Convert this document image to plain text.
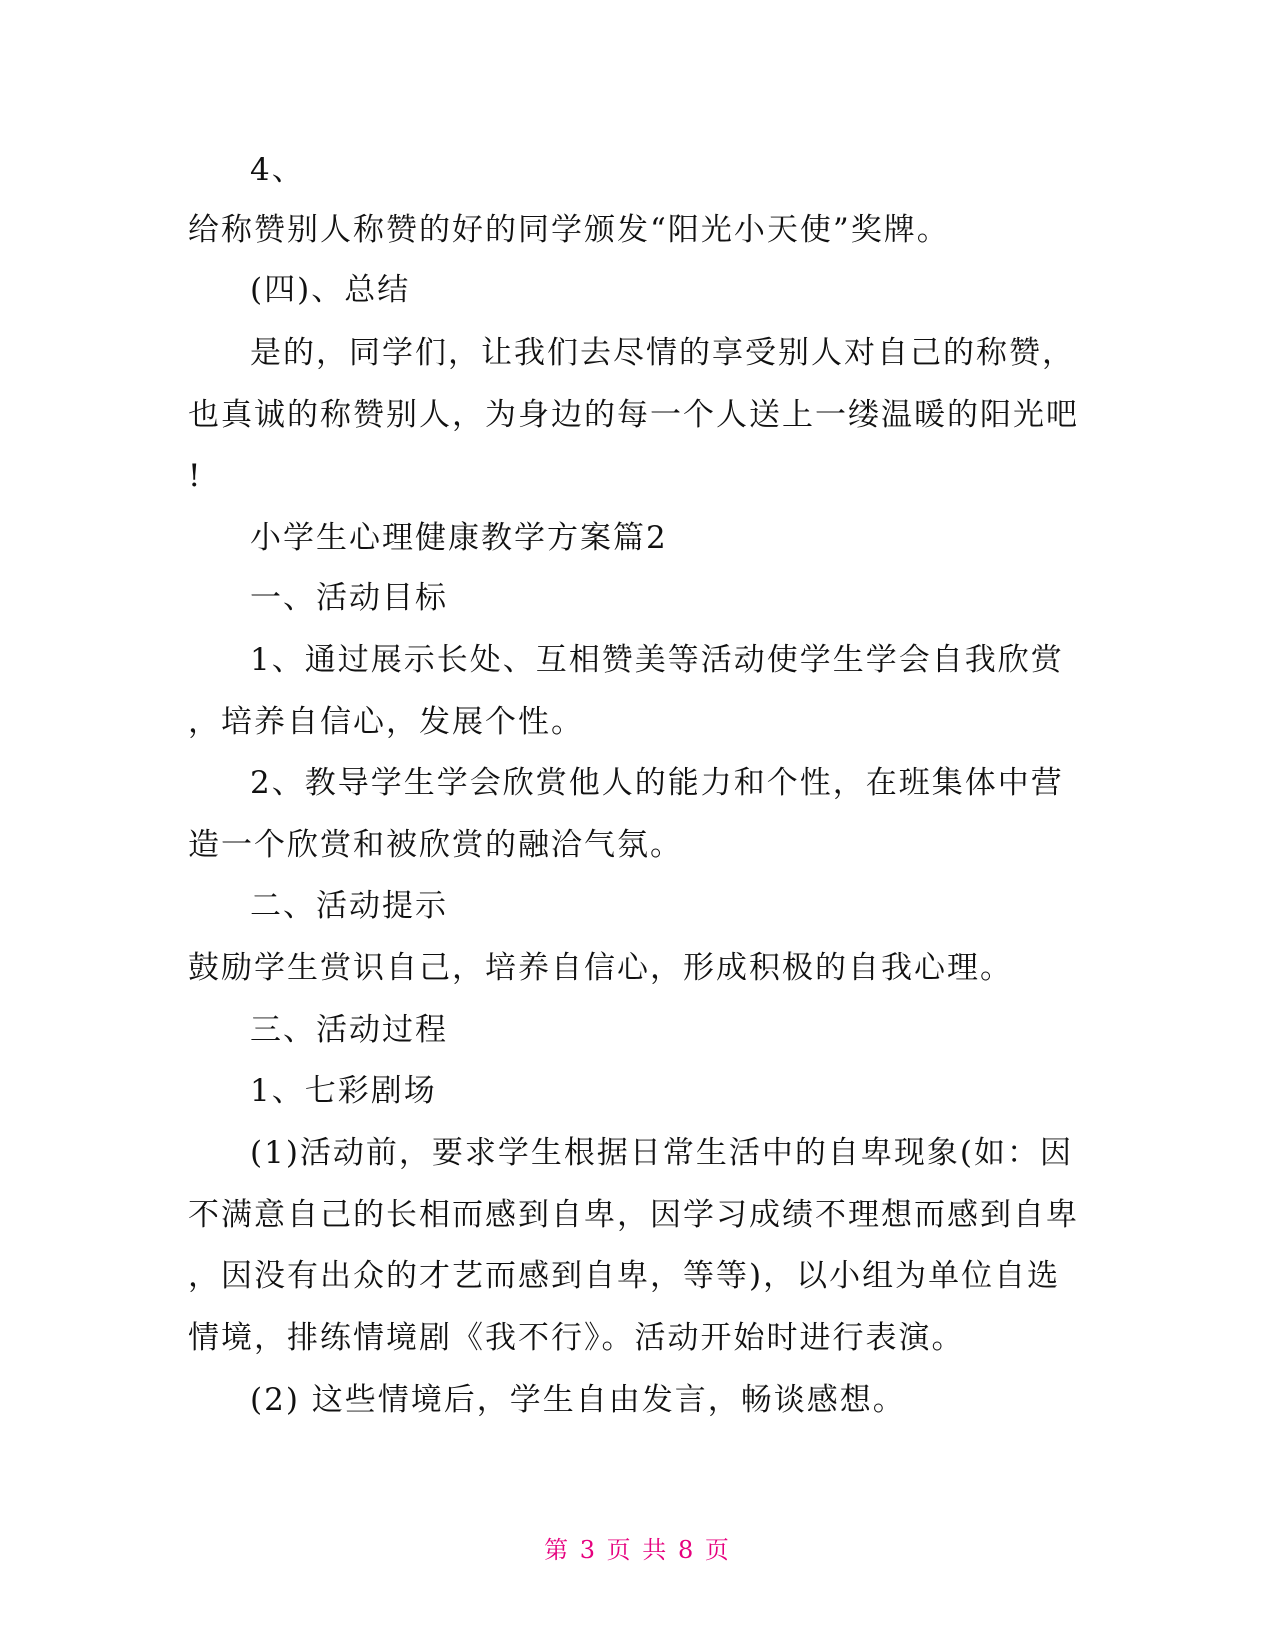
4、
给称赞别人称赞的好的同学颁发“阳光小天使”奖牌。
(四)、总结
是的，同学们，让我们去尽情的享受别人对自己的称赞，
也真诚的称赞别人，为身边的每一个人送上一缕温暖的阳光吧
!
小学生心理健康教学方案篇2
一、活动目标
1、通过展示长处、互相赞美等活动使学生学会自我欣赏
，培养自信心，发展个性。
2、教导学生学会欣赏他人的能力和个性，在班集体中营
造一个欣赏和被欣赏的融洽气氛。
二、活动提示
鼓励学生赏识自己，培养自信心，形成积极的自我心理。
三、活动过程
1、七彩剧场
(1)活动前，要求学生根据日常生活中的自卑现象(如：因
不满意自己的长相而感到自卑，因学习成绩不理想而感到自卑
，因没有出众的才艺而感到自卑，等等)，以小组为单位自选
情境，排练情境剧《我不行》。活动开始时进行表演。
(2) 这些情境后，学生自由发言，畅谈感想。
第 3 页 共 8 页
